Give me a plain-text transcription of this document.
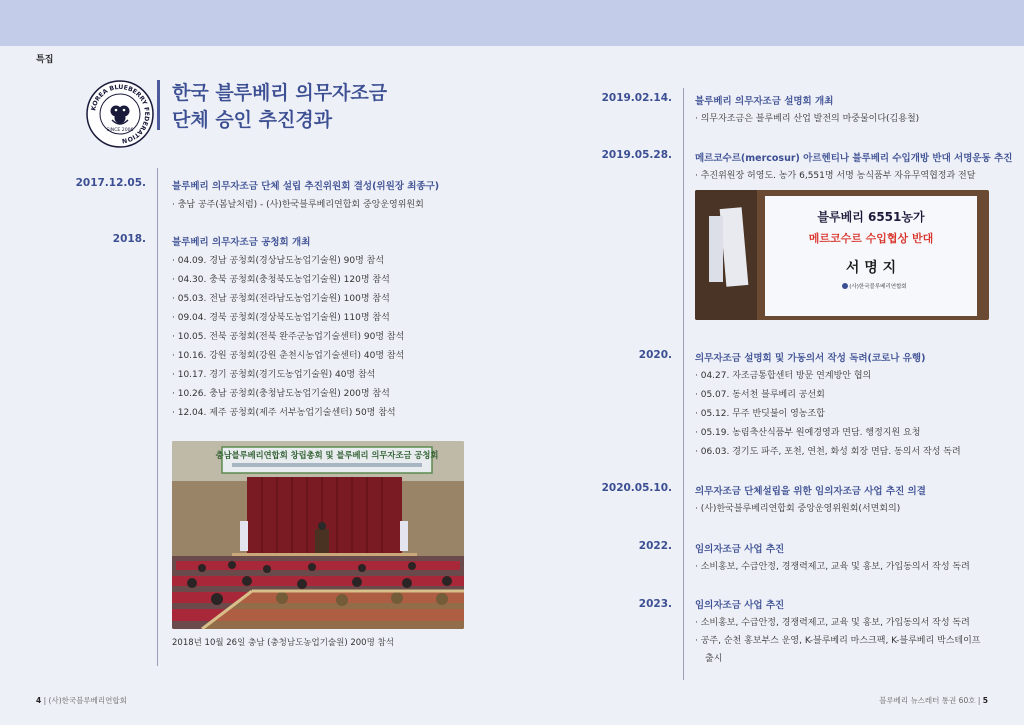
특집
KOREA BLUEBERRY FEDERATION
SINCE 2006
한국 블루베리 의무자조금
단체 승인 추진경과
2017.12.05.	블루베리 의무자조금 단체 설립 추진위원회 결성(위원장 최종구)
· 충남 공주(봄날처럼) - (사)한국블루베리연합회 중앙운영위원회
2018.	블루베리 의무자조금 공청회 개최
· 04.09. 경남 공청회(경상남도농업기술원) 90명 참석
· 04.30. 충북 공청회(충청북도농업기술원) 120명 참석
· 05.03. 전남 공청회(전라남도농업기술원) 100명 참석
· 09.04. 경북 공청회(경상북도농업기술원) 110명 참석
· 10.05. 전북 공청회(전북 완주군농업기술센터) 90명 참석
· 10.16. 강원 공청회(강원 춘천시농업기술센터) 40명 참석
· 10.17. 경기 공청회(경기도농업기술원) 40명 참석
· 10.26. 충남 공청회(충청남도농업기술원) 200명 참석
· 12.04. 제주 공청회(제주 서부농업기술센터) 50명 참석
충남블루베리연합회 창립총회 및 블루베리 의무자조금 공청회
2018년 10월 26일 충남 (충청남도농업기술원) 200명 참석
2019.02.14. 블루베리 의무자조금 설명회 개최
· 의무자조금은 블루베리 산업 발전의 마중물이다(김용철)
2019.05.28. 메르코수르(mercosur) 아르헨티나 블루베리 수입개방 반대 서명운동 추진
· 추진위원장 허영도. 농가 6,551명 서명 농식품부 자유무역협정과 전달
블루베리 6551농가
메르코수르 수입협상 반대
서 명 지
(사)한국블루베리연합회
2020. 의무자조금 설명회 및 가동의서 작성 독려(코로나 유행)
· 04.27. 자조금통합센터 방문 연계방안 협의
· 05.07. 동서천 블루베리 공선회
· 05.12. 무주 반딧불이 영농조합
· 05.19. 농림축산식품부 원예경영과 면담. 행정지원 요청
· 06.03. 경기도 파주, 포천, 연천, 화성 회장 면담. 동의서 작성 독려
2020.05.10. 의무자조금 단체설립을 위한 임의자조금 사업 추진 의결
· (사)한국블루베리연합회 중앙운영위원회(서면회의)
2022. 임의자조금 사업 추진
· 소비홍보, 수급안정, 경쟁력제고, 교육 및 홍보, 가입동의서 작성 독려
2023. 임의자조금 사업 추진
· 소비홍보, 수급안정, 경쟁력제고, 교육 및 홍보, 가입동의서 작성 독려
· 공주, 순천 홍보부스 운영, K-블루베리 마스크팩, K-블루베리 박스테이프
출시
4 | (사)한국블루베리연합회	블루베리 뉴스레터 통권 60호 | 5
